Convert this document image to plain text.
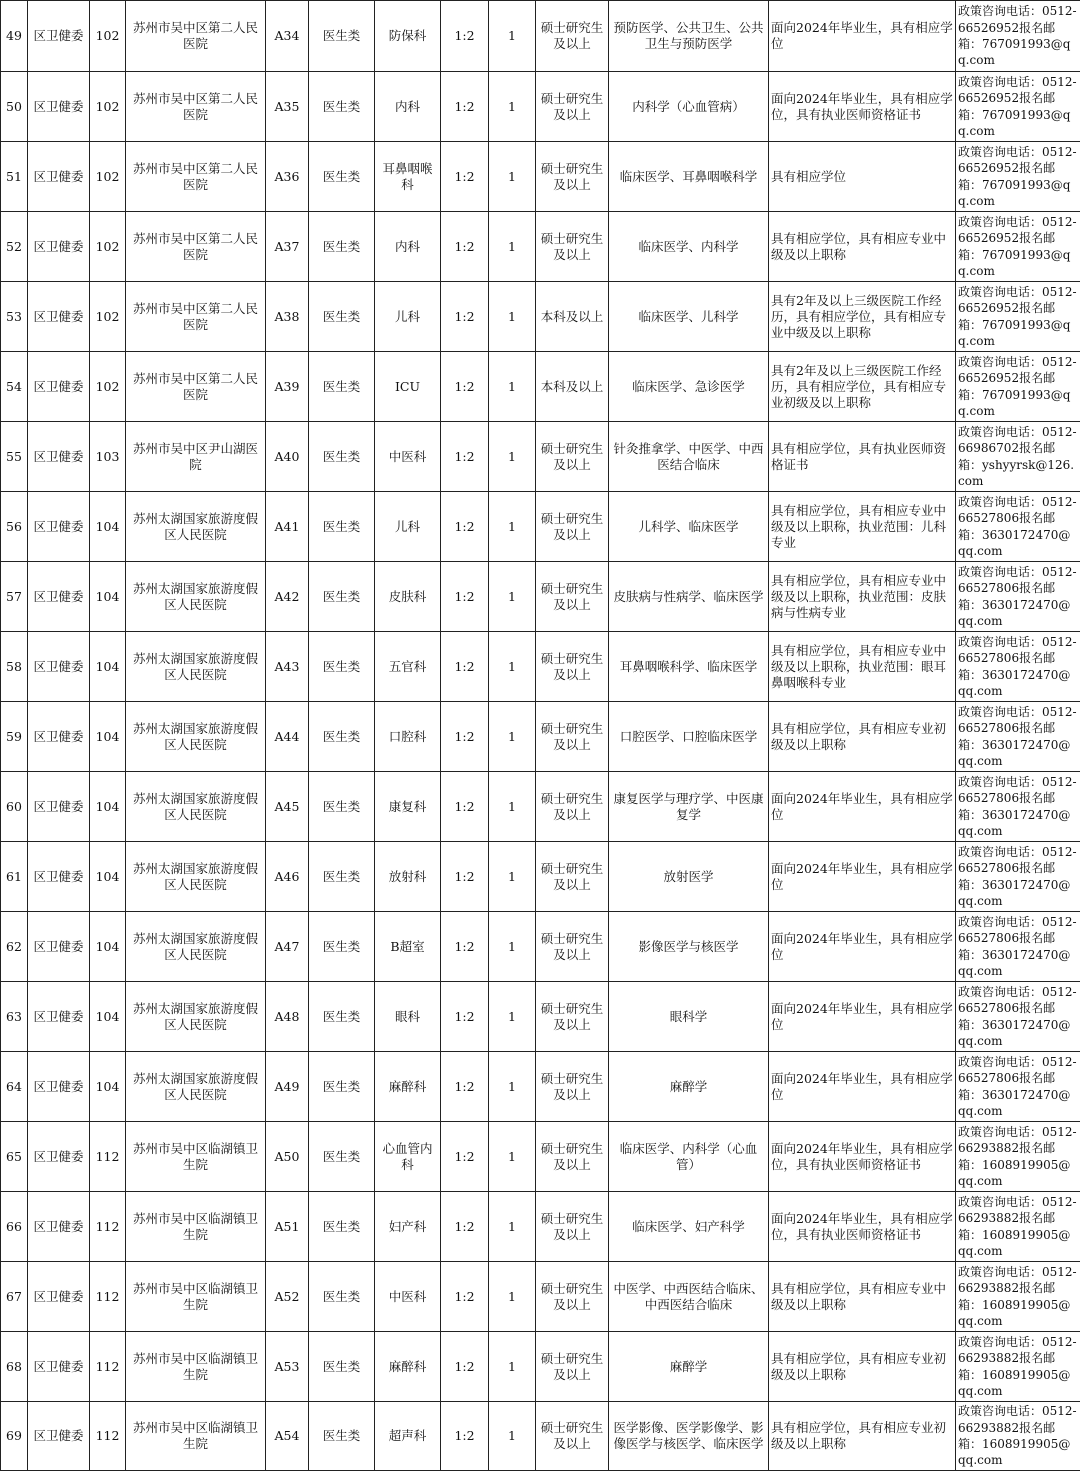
49	区卫健委	102	苏州市吴中区第二人民医院	A34	医生类	防保科	1:2	1	硕士研究生及以上	预防医学、公共卫生、公共卫生与预防医学	面向2024年毕业生，具有相应学位	政策咨询电话：0512-66526952报名邮箱：767091993@qq.com
50	区卫健委	102	苏州市吴中区第二人民医院	A35	医生类	内科	1:2	1	硕士研究生及以上	内科学（心血管病）	面向2024年毕业生，具有相应学位，具有执业医师资格证书	政策咨询电话：0512-66526952报名邮箱：767091993@qq.com
51	区卫健委	102	苏州市吴中区第二人民医院	A36	医生类	耳鼻咽喉科	1:2	1	硕士研究生及以上	临床医学、耳鼻咽喉科学	具有相应学位	政策咨询电话：0512-66526952报名邮箱：767091993@qq.com
52	区卫健委	102	苏州市吴中区第二人民医院	A37	医生类	内科	1:2	1	硕士研究生及以上	临床医学、内科学	具有相应学位，具有相应专业中级及以上职称	政策咨询电话：0512-66526952报名邮箱：767091993@qq.com
53	区卫健委	102	苏州市吴中区第二人民医院	A38	医生类	儿科	1:2	1	本科及以上	临床医学、儿科学	具有2年及以上三级医院工作经历，具有相应学位，具有相应专业中级及以上职称	政策咨询电话：0512-66526952报名邮箱：767091993@qq.com
54	区卫健委	102	苏州市吴中区第二人民医院	A39	医生类	ICU	1:2	1	本科及以上	临床医学、急诊医学	具有2年及以上三级医院工作经历，具有相应学位，具有相应专业初级及以上职称	政策咨询电话：0512-66526952报名邮箱：767091993@qq.com
55	区卫健委	103	苏州市吴中区尹山湖医院	A40	医生类	中医科	1:2	1	硕士研究生及以上	针灸推拿学、中医学、中西医结合临床	具有相应学位，具有执业医师资格证书	政策咨询电话：0512-66986702报名邮箱：yshyyrsk@126.com
56	区卫健委	104	苏州太湖国家旅游度假区人民医院	A41	医生类	儿科	1:2	1	硕士研究生及以上	儿科学、临床医学	具有相应学位，具有相应专业中级及以上职称，执业范围：儿科专业	政策咨询电话：0512-66527806报名邮箱：3630172470@qq.com
57	区卫健委	104	苏州太湖国家旅游度假区人民医院	A42	医生类	皮肤科	1:2	1	硕士研究生及以上	皮肤病与性病学、临床医学	具有相应学位，具有相应专业中级及以上职称，执业范围：皮肤病与性病专业	政策咨询电话：0512-66527806报名邮箱：3630172470@qq.com
58	区卫健委	104	苏州太湖国家旅游度假区人民医院	A43	医生类	五官科	1:2	1	硕士研究生及以上	耳鼻咽喉科学、临床医学	具有相应学位，具有相应专业中级及以上职称，执业范围：眼耳鼻咽喉科专业	政策咨询电话：0512-66527806报名邮箱：3630172470@qq.com
59	区卫健委	104	苏州太湖国家旅游度假区人民医院	A44	医生类	口腔科	1:2	1	硕士研究生及以上	口腔医学、口腔临床医学	具有相应学位，具有相应专业初级及以上职称	政策咨询电话：0512-66527806报名邮箱：3630172470@qq.com
60	区卫健委	104	苏州太湖国家旅游度假区人民医院	A45	医生类	康复科	1:2	1	硕士研究生及以上	康复医学与理疗学、中医康复学	面向2024年毕业生，具有相应学位	政策咨询电话：0512-66527806报名邮箱：3630172470@qq.com
61	区卫健委	104	苏州太湖国家旅游度假区人民医院	A46	医生类	放射科	1:2	1	硕士研究生及以上	放射医学	面向2024年毕业生，具有相应学位	政策咨询电话：0512-66527806报名邮箱：3630172470@qq.com
62	区卫健委	104	苏州太湖国家旅游度假区人民医院	A47	医生类	B超室	1:2	1	硕士研究生及以上	影像医学与核医学	面向2024年毕业生，具有相应学位	政策咨询电话：0512-66527806报名邮箱：3630172470@qq.com
63	区卫健委	104	苏州太湖国家旅游度假区人民医院	A48	医生类	眼科	1:2	1	硕士研究生及以上	眼科学	面向2024年毕业生，具有相应学位	政策咨询电话：0512-66527806报名邮箱：3630172470@qq.com
64	区卫健委	104	苏州太湖国家旅游度假区人民医院	A49	医生类	麻醉科	1:2	1	硕士研究生及以上	麻醉学	面向2024年毕业生，具有相应学位	政策咨询电话：0512-66527806报名邮箱：3630172470@qq.com
65	区卫健委	112	苏州市吴中区临湖镇卫生院	A50	医生类	心血管内科	1:2	1	硕士研究生及以上	临床医学、内科学（心血管）	面向2024年毕业生，具有相应学位，具有执业医师资格证书	政策咨询电话：0512-66293882报名邮箱：1608919905@qq.com
66	区卫健委	112	苏州市吴中区临湖镇卫生院	A51	医生类	妇产科	1:2	1	硕士研究生及以上	临床医学、妇产科学	面向2024年毕业生，具有相应学位，具有执业医师资格证书	政策咨询电话：0512-66293882报名邮箱：1608919905@qq.com
67	区卫健委	112	苏州市吴中区临湖镇卫生院	A52	医生类	中医科	1:2	1	硕士研究生及以上	中医学、中西医结合临床、中西医结合临床	具有相应学位，具有相应专业中级及以上职称	政策咨询电话：0512-66293882报名邮箱：1608919905@qq.com
68	区卫健委	112	苏州市吴中区临湖镇卫生院	A53	医生类	麻醉科	1:2	1	硕士研究生及以上	麻醉学	具有相应学位，具有相应专业初级及以上职称	政策咨询电话：0512-66293882报名邮箱：1608919905@qq.com
69	区卫健委	112	苏州市吴中区临湖镇卫生院	A54	医生类	超声科	1:2	1	硕士研究生及以上	医学影像、医学影像学、影像医学与核医学、临床医学	具有相应学位，具有相应专业初级及以上职称	政策咨询电话：0512-66293882报名邮箱：1608919905@qq.com
